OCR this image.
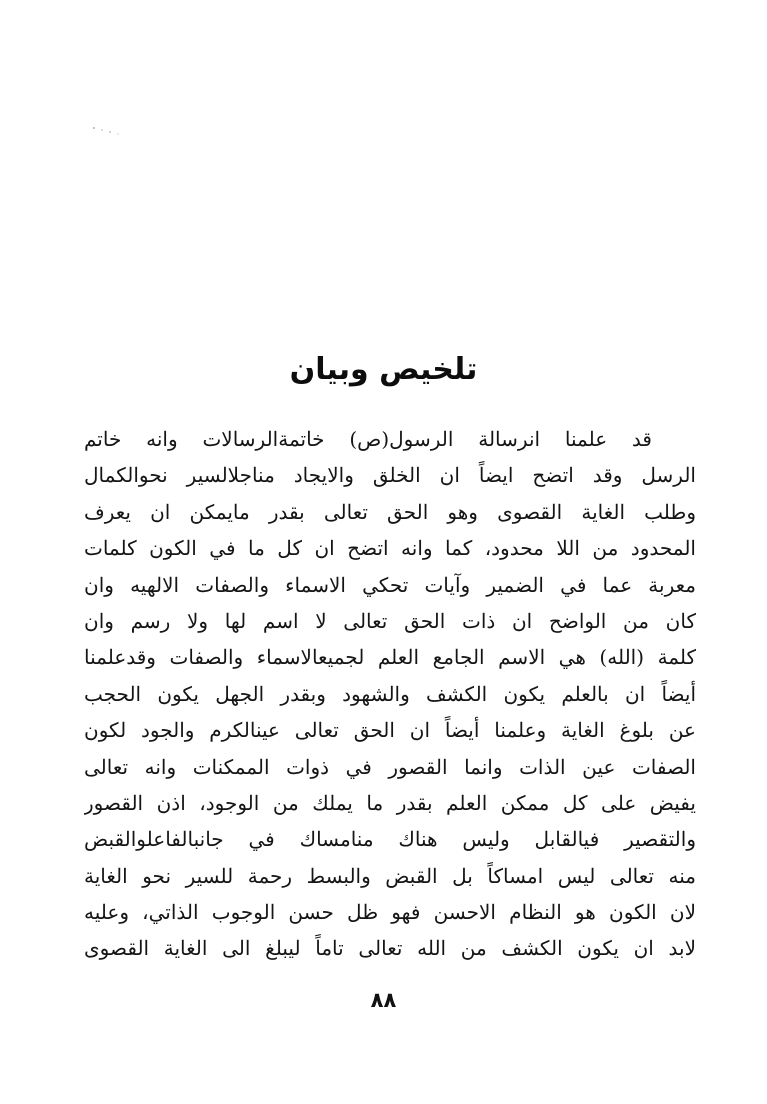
تلخيص وبيان
قد علمنا انرسالة الرسول(ص) خاتمةالرسالات وانه خاتم
الرسل وقد اتضح ايضاً ان الخلق والايجاد مناجلالسير نحوالكمال
وطلب الغاية القصوى وهو الحق تعالى بقدر مايمكن ان يعرف
المحدود من اللا محدود، كما وانه اتضح ان كل ما في الكون كلمات
معربة عما في الضمير وآيات تحكي الاسماء والصفات الالهيه وان
كان من الواضح ان ذات الحق تعالى لا اسم لها ولا رسم وان
كلمة (الله) هي الاسم الجامع العلم لجميعالاسماء والصفات وقدعلمنا
أيضاً ان بالعلم يكون الكشف والشهود وبقدر الجهل يكون الحجب
عن بلوغ الغاية وعلمنا أيضاً ان الحق تعالى عينالكرم والجود لكون
الصفات عين الذات وانما القصور في ذوات الممكنات وانه تعالى
يفيض على كل ممكن العلم بقدر ما يملك من الوجود، اذن القصور
والتقصير فيالقابل وليس هناك منامساك في جانبالفاعلوالقبض
منه تعالى ليس امساكاً بل القبض والبسط رحمة للسير نحو الغاية
لان الكون هو النظام الاحسن فهو ظل حسن الوجوب الذاتي، وعليه
لابد ان يكون الكشف من الله تعالى تاماً ليبلغ الى الغاية القصوى
٨٨
